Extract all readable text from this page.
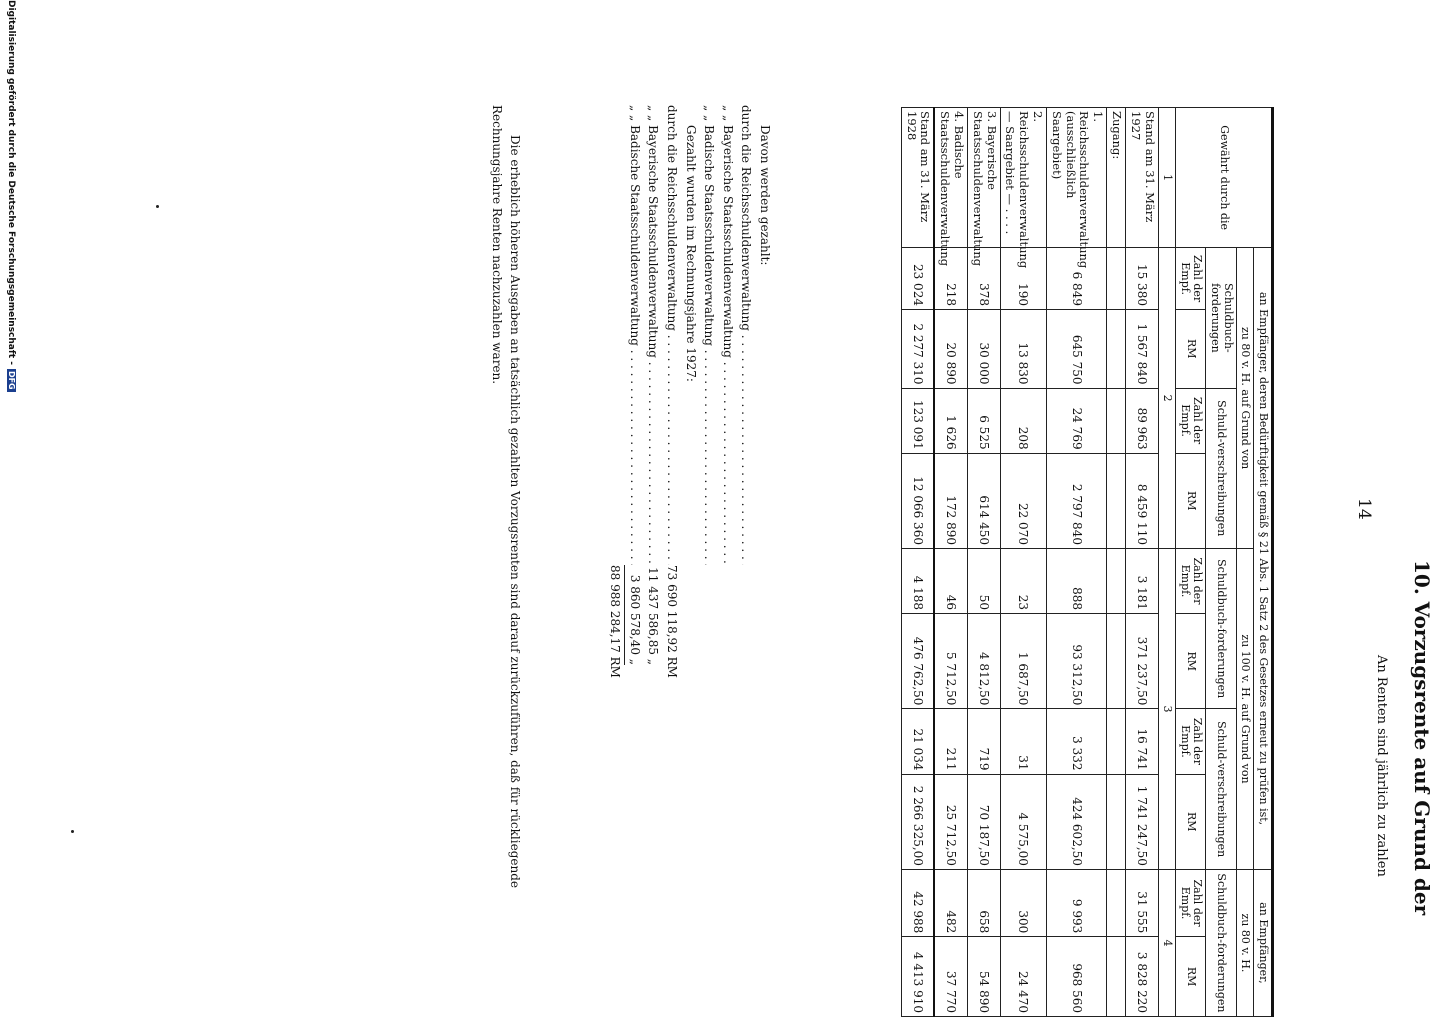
14
10. Vorzugsrente auf Grund der
An Renten sind jährlich zu zahlen
Gewährt durch die	an Empfänger, deren Bedürftigkeit gemäß § 21 Abs. 1 Satz 2 des Gesetzes erneut zu prüfen ist,								an Empfänger,	
	zu 80 v. H. auf Grund von				zu 100 v. H. auf Grund von				zu 80 v. H.	
	Schuldbuch-forderungen		Schuld-verschreibungen		Schuldbuch-forderungen		Schuld-verschreibungen		Schuldbuch-forderungen	
	Zahl der Empf.	RM	Zahl der Empf.	RM	Zahl der Empf.	RM	Zahl der Empf.	RM	Zahl der Empf.	RM
1	2				3				4	
Stand am 31. März 1927	15 380	1 567 840	89 963	8 459 110	3 181	371 237,50	16 741	1 741 247,50	31 555	3 828 220
Zugang:										
1. Reichsschuldenverwaltung (ausschließlich Saargebiet)	6 849	645 750	24 769	2 797 840	888	93 312,50	3 332	424 602,50	9 993	968 560
2. Reichsschuldenverwaltung — Saargebiet — . . . .	190	13 830	208	22 070	23	1 687,50	31	4 575,00	300	24 470
3. Bayerische Staatsschuldenverwaltung	378	30 000	6 525	614 450	50	4 812,50	719	70 187,50	658	54 890
4. Badische Staatsschuldenverwaltung	218	20 890	1 626	172 890	46	5 712,50	211	25 712,50	482	37 770
Stand am 31. März 1928	23 024	2 277 310	123 091	12 066 360	4 188	476 762,50	21 034	2 266 325,00	42 988	4 413 910
Davon werden gezahlt:
durch die Reichsschuldenverwaltung . . .
„ „ Bayerische Staatsschuldenverwaltung . . .
„ „ Badische Staatsschuldenverwaltung . . .
Gezahlt wurden im Rechnungsjahre 1927:
durch die Reichsschuldenverwaltung . . .
73 690 118,92 RM
„ „ Bayerische Staatsschuldenverwaltung . . .
11 437 586,85 „
„ „ Badische Staatsschuldenverwaltung . . .
3 860 578,40 „
88 988 284,17 RM
Die erheblich höheren Ausgaben an tatsächlich gezahlten Vorzugsrenten sind darauf zurückzuführen, daß für rückliegende Rechnungsjahre Renten nachzuzahlen waren.
Digitalisierung gefördert durch die Deutsche Forschungsgemeinschaft -DFG
